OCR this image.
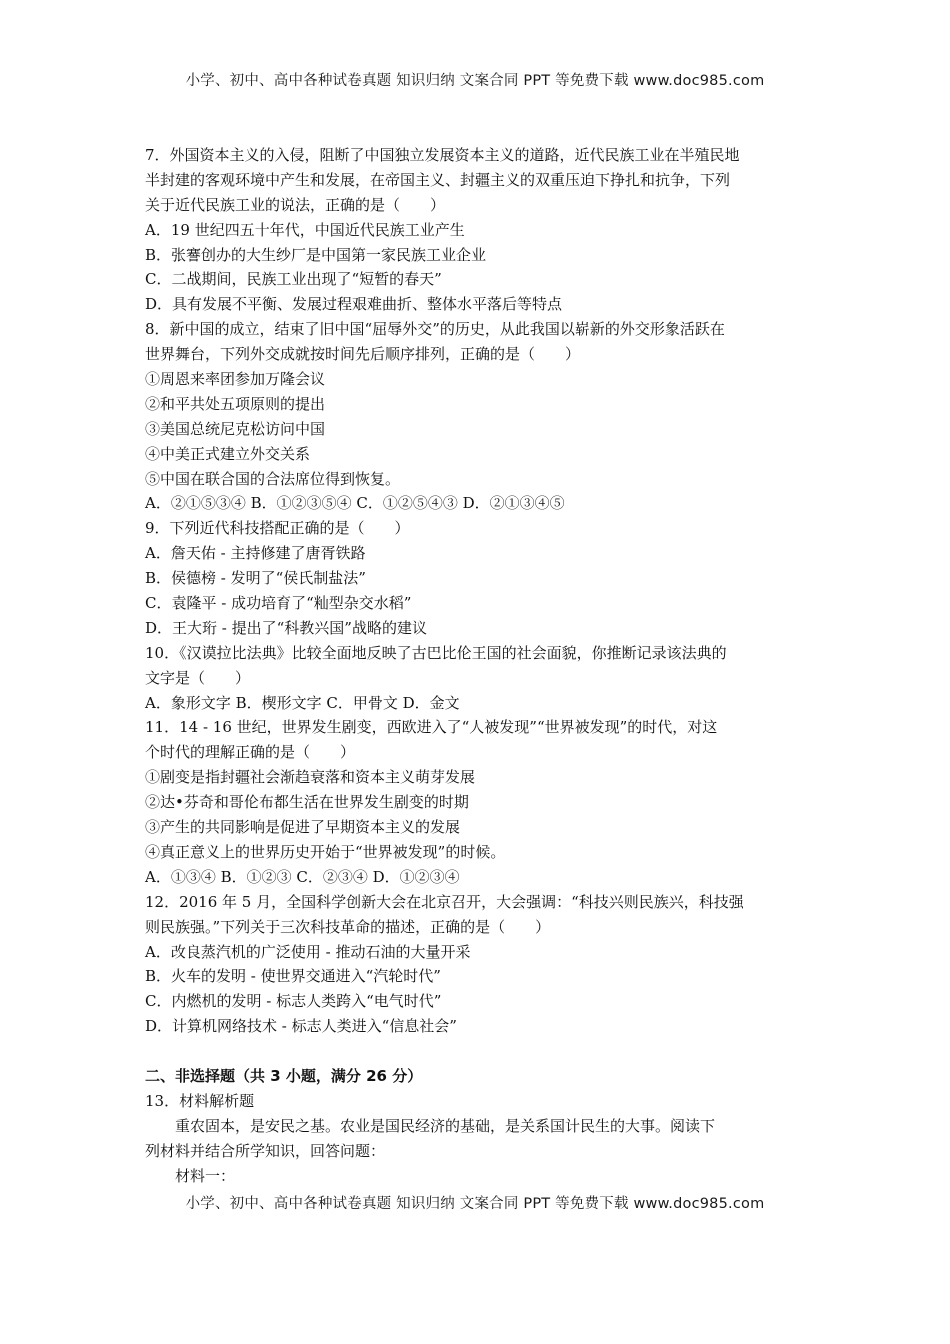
小学、初中、高中各种试卷真题 知识归纳 文案合同 PPT 等免费下载 www.doc985.com
7．外国资本主义的入侵，阻断了中国独立发展资本主义的道路，近代民族工业在半殖民地
半封建的客观环境中产生和发展，在帝国主义、封疆主义的双重压迫下挣扎和抗争，下列
关于近代民族工业的说法，正确的是（　　）
A．19 世纪四五十年代，中国近代民族工业产生
B．张謇创办的大生纱厂是中国第一家民族工业企业
C．二战期间，民族工业出现了“短暂的春天”
D．具有发展不平衡、发展过程艰难曲折、整体水平落后等特点
8．新中国的成立，结束了旧中国“屈辱外交”的历史，从此我国以崭新的外交形象活跃在
世界舞台，下列外交成就按时间先后顺序排列，正确的是（　　）
①周恩来率团参加万隆会议
②和平共处五项原则的提出
③美国总统尼克松访问中国
④中美正式建立外交关系
⑤中国在联合国的合法席位得到恢复。
A．②①⑤③④ B．①②③⑤④ C．①②⑤④③ D．②①③④⑤
9．下列近代科技搭配正确的是（　　）
A．詹天佑 - 主持修建了唐胥铁路
B．侯德榜 - 发明了“侯氏制盐法”
C．袁隆平 - 成功培育了“籼型杂交水稻”
D．王大珩 - 提出了“科教兴国”战略的建议
10．《汉谟拉比法典》比较全面地反映了古巴比伦王国的社会面貌，你推断记录该法典的
文字是（　　）
A．象形文字 B．楔形文字 C．甲骨文 D．金文
11．14 - 16 世纪，世界发生剧变，西欧进入了“人被发现”“世界被发现”的时代，对这
个时代的理解正确的是（　　）
①剧变是指封疆社会渐趋衰落和资本主义萌芽发展
②达•芬奇和哥伦布都生活在世界发生剧变的时期
③产生的共同影响是促进了早期资本主义的发展
④真正意义上的世界历史开始于“世界被发现”的时候。
A．①③④ B．①②③ C．②③④ D．①②③④
12．2016 年 5 月，全国科学创新大会在北京召开，大会强调：“科技兴则民族兴，科技强
则民族强。”下列关于三次科技革命的描述，正确的是（　　）
A．改良蒸汽机的广泛使用 - 推动石油的大量开采
B．火车的发明 - 使世界交通进入“汽轮时代”
C．内燃机的发明 - 标志人类跨入“电气时代”
D．计算机网络技术 - 标志人类进入“信息社会”
二、非选择题（共 3 小题，满分 26 分）
13．材料解析题
重农固本，是安民之基。农业是国民经济的基础，是关系国计民生的大事。阅读下
列材料并结合所学知识，回答问题：
材料一：
小学、初中、高中各种试卷真题 知识归纳 文案合同 PPT 等免费下载 www.doc985.com
